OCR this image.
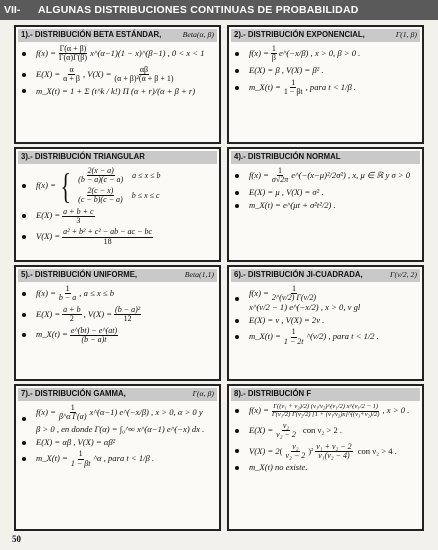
VII-	ALGUNAS DISTRIBUCIONES CONTINUAS DE PROBABILIDAD
1).- DISTRIBUCIÓN BETA ESTÁNDAR,	Beta(α, β)
$f(x) = \frac{\Gamma(\alpha + \beta)}{\Gamma(\alpha)\Gamma(\beta)}$ x^(α−1)(1 − x)^(β−1) , 0 < x < 1
$E(X) = \frac{\alpha}{\alpha + \beta}$ , $V(X) = \frac{\alpha\beta}{\text{(α + β)²(α + β + 1)}}$
m_X(t) = 1 + Σ (t^k / k!) Π (α + r)/(α + β + r)
2).- DISTRIBUCIÓN EXPONENCIAL,	Γ(1, β)
$f(x) = \frac{1}{\beta}$ e^(−x/β) , x > 0, β > 0 .
E(X) = β , V(X) = β² .
m_X(t) = $\frac{1}{1 - \beta t}$ , para t < 1/β .
3).- DISTRIBUCIÓN TRIANGULAR
f(x) = { $\frac{2(x - a)}{(b - a)(c - a)}$ a ≤ x ≤ b
$\frac{2(c - x)}{(c - b)(c - a)}$ b ≤ x ≤ c
$E(X) = \frac{a + b + c}{3}$
$V(X) = \frac{\text{a² + b² + c² − ab − ac − bc}}{18}$
4).- DISTRIBUCIÓN NORMAL
$f(x) = \frac{1}{\sigma√2\pi}$ e^(−(x−μ)²/2σ²) , x, μ ∈ ℝ y σ > 0
E(X) = μ , V(X) = σ² .
m_X(t) = e^(μt + σ²t²/2) .
5).- DISTRIBUCIÓN UNIFORME,	Beta(1,1)
$f(x) = \frac{1}{b - a}$ , a ≤ x ≤ b
$E(X) = \frac{a + b}{2}$ , $V(X) = \frac{\text{(b − a)²}}{12}$
m_X(t) = $\frac{e\^{}(bt) - e\^{}(at)}{(b - a)t}$
6).- DISTRIBUCIÓN JI-CUADRADA,	Γ(ν/2, 2)
$f(x) = \frac{1}{2\^{}(\nu/2) \Gamma(\nu/2)}$
x^(ν/2 − 1) e^(−x/2) , x > 0, ν gl
E(X) = ν , V(X) = 2ν .
m_X(t) = $\frac{1}{1 - 2t}$ ^(ν/2) , para t < 1/2 .
7).- DISTRIBUCIÓN GAMMA,	Γ(α, β)
$f(x) = \frac{1}{\text{β\textasciicircum{}α Γ(α)}}$ x^(α−1) e^(−x/β) , x > 0, α > 0 y
β > 0 , en donde Γ(α) = ∫₀^∞ x^(α−1) e^(−x) dx .
E(X) = αβ , V(X) = αβ²
m_X(t) = $\frac{1}{1 - \beta t}$ ^α , para t < 1/β .
8).- DISTRIBUCIÓN F
$f(x) = \frac{\text{Γ((ν₁ + ν₂)/2) (ν₁/ν₂)\textasciicircum{}(ν₁/2) x\textasciicircum{}(ν₁/2 − 1)}}{\text{Γ(ν₁/2) Γ(ν₂/2) [1 + (ν₁/ν₂)x]\textasciicircum{}((ν₁+ν₂)/2)}}$ , x > 0 .
$E(X) = \frac{\text{ν₂}}{\text{ν₂ − 2}}$ con ν₂ > 2 .
V(X) = 2 ( $\frac{\text{ν₂}}{\text{ν₂ − 2}}$ ) $^2 \frac{\text{ν₁ + ν₂ − 2}}{\text{ν₁(ν₂ − 4)}}$ con ν₂ > 4 .
m_X(t) no existe.
50
